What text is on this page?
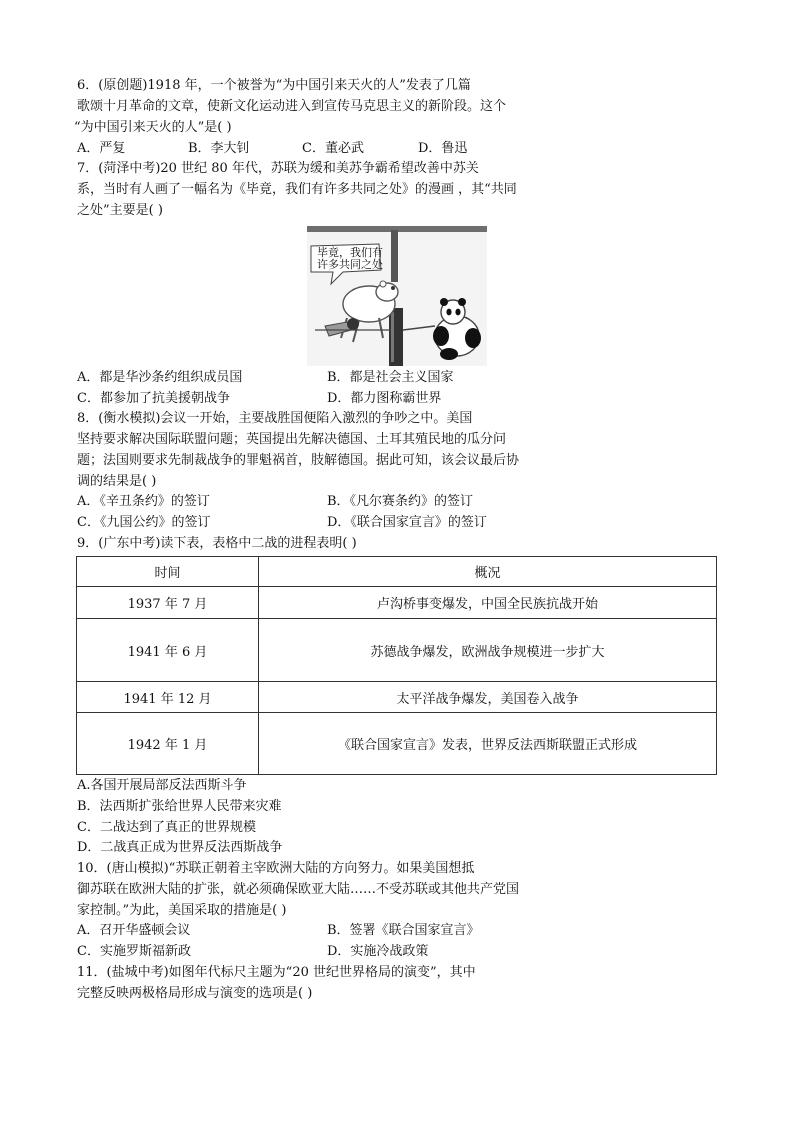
6．(原创题)1918 年，一个被誉为“为中国引来天火的人”发表了几篇
歌颂十月革命的文章，使新文化运动进入到宣传马克思主义的新阶段。这个
“为中国引来天火的人”是( )
A．严复	B．李大钊	C．董必武	D．鲁迅
7．(菏泽中考)20 世纪 80 年代，苏联为缓和美苏争霸希望改善中苏关
系，当时有人画了一幅名为《毕竟，我们有许多共同之处》的漫画 ，其“共同
之处”主要是( )
毕竟，我们有
许多共同之处
A．都是华沙条约组织成员国	B．都是社会主义国家
C．都参加了抗美援朝战争	D．都力图称霸世界
8．(衡水模拟)会议一开始，主要战胜国便陷入激烈的争吵之中。美国
坚持要求解决国际联盟问题；英国提出先解决德国、土耳其殖民地的瓜分问
题；法国则要求先制裁战争的罪魁祸首，肢解德国。据此可知，该会议最后协
调的结果是( )
A．《辛丑条约》的签订	B．《凡尔赛条约》的签订
C．《九国公约》的签订	D．《联合国家宣言》的签订
9．(广东中考)读下表，表格中二战的进程表明( )
时间	概况
1937 年 7 月	卢沟桥事变爆发，中国全民族抗战开始
1941 年 6 月	苏德战争爆发，欧洲战争规模进一步扩大
1941 年 12 月	太平洋战争爆发，美国卷入战争
1942 年 1 月	《联合国家宣言》发表，世界反法西斯联盟正式形成
A.各国开展局部反法西斯斗争
B．法西斯扩张给世界人民带来灾难
C．二战达到了真正的世界规模
D．二战真正成为世界反法西斯战争
10．(唐山模拟)“苏联正朝着主宰欧洲大陆的方向努力。如果美国想抵
御苏联在欧洲大陆的扩张，就必须确保欧亚大陆……不受苏联或其他共产党国
家控制。”为此，美国采取的措施是( )
A．召开华盛顿会议	B．签署《联合国家宣言》
C．实施罗斯福新政	D．实施冷战政策
11．(盐城中考)如图年代标尺主题为“20 世纪世界格局的演变”，其中
完整反映两极格局形成与演变的选项是( )
